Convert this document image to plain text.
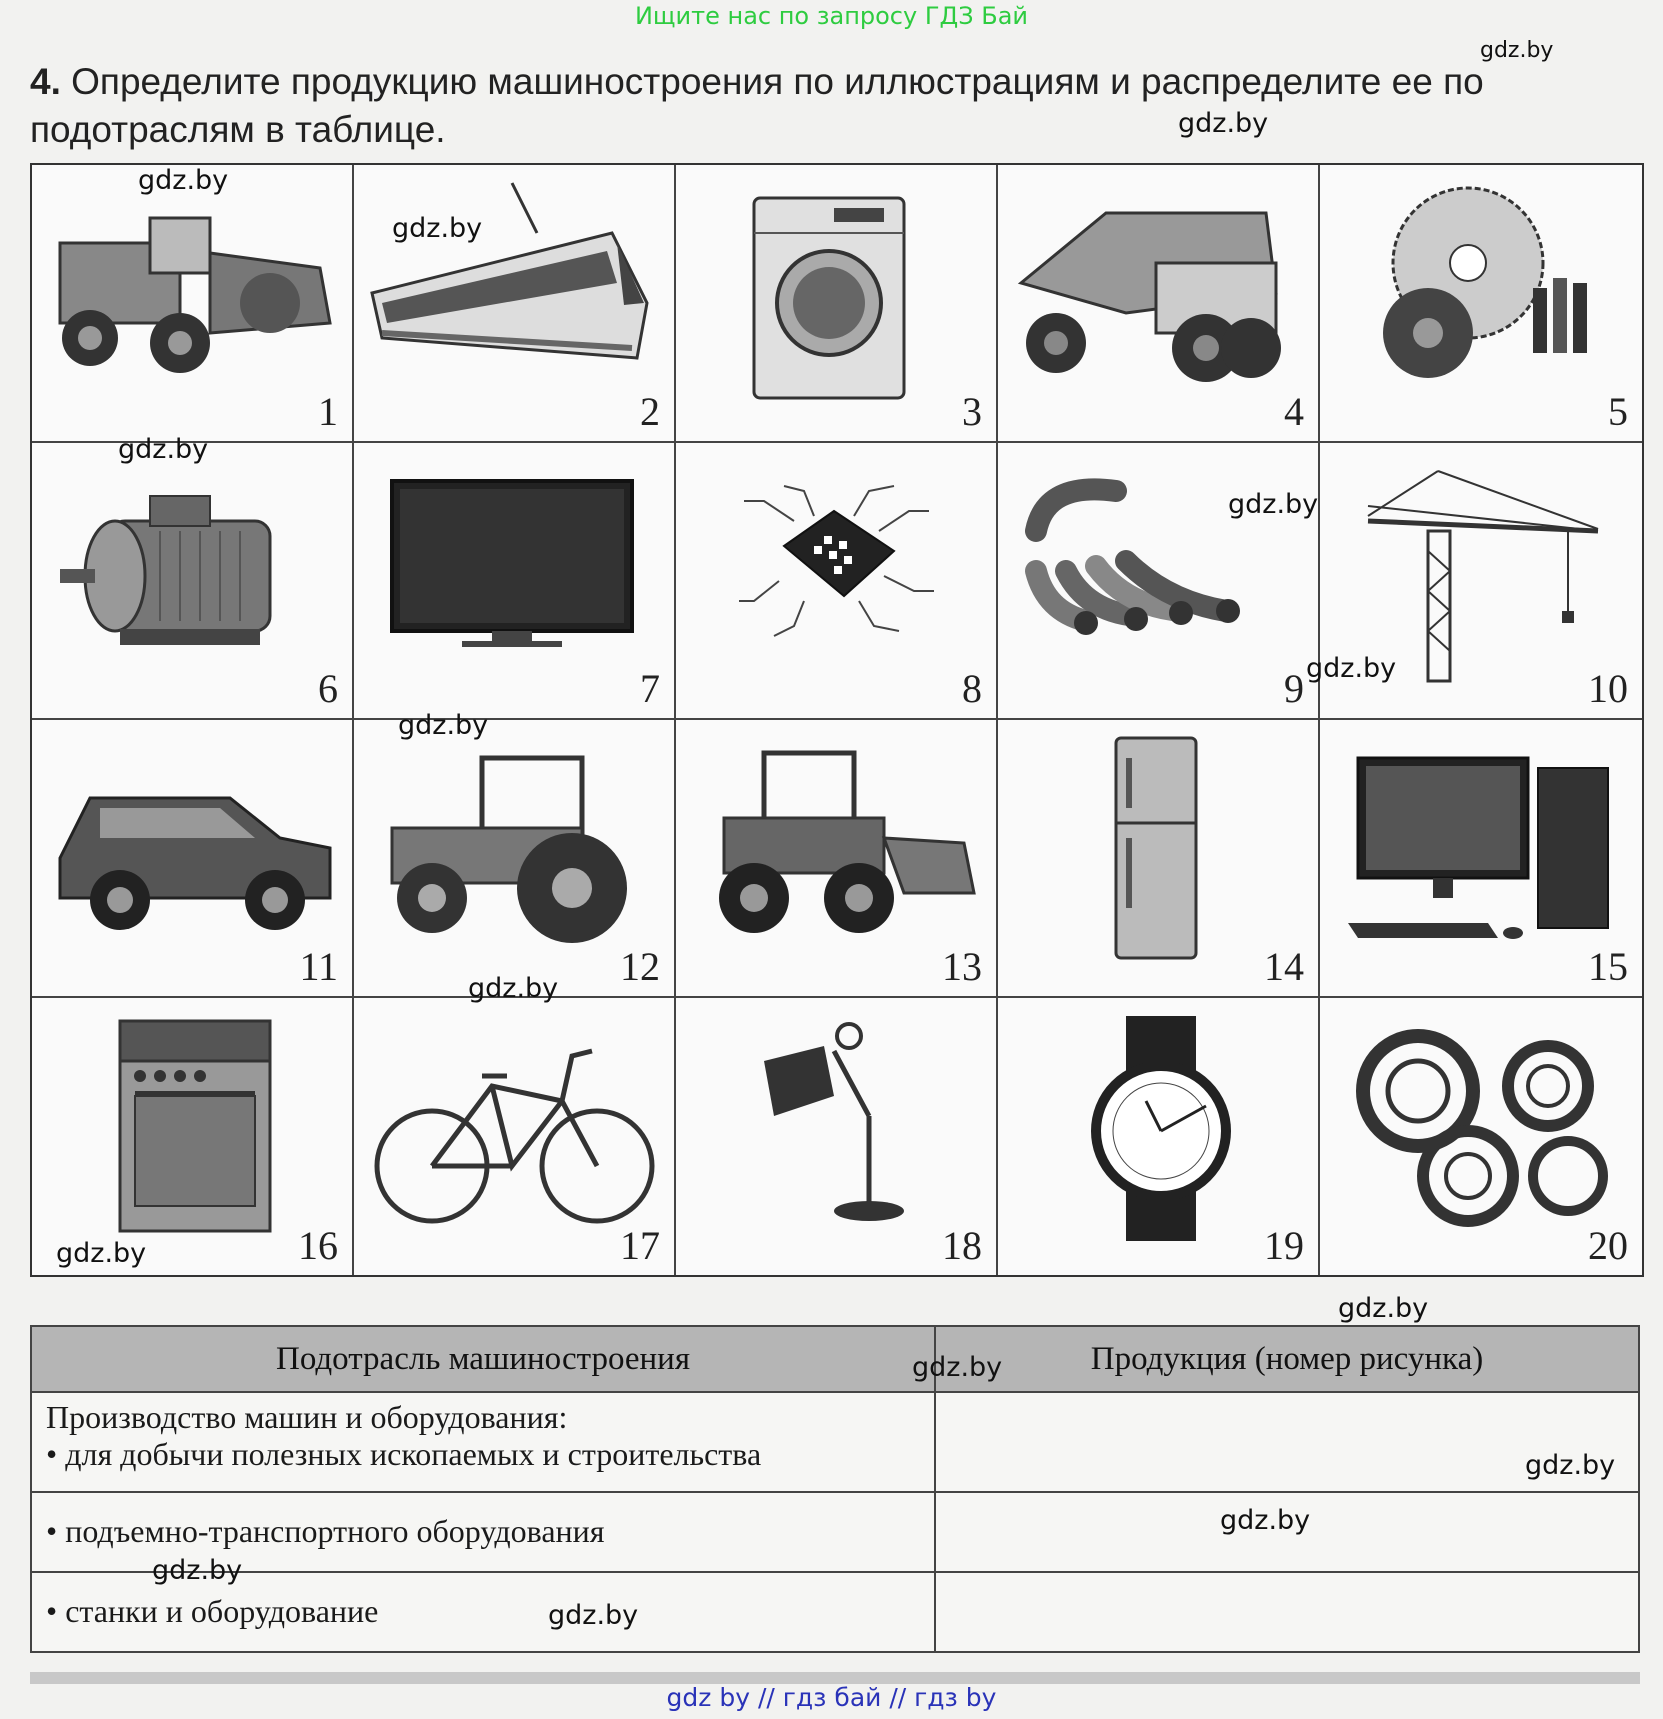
Ищите нас по запросу ГДЗ Бай
4. Определите продукцию машиностроения по иллюстрациям и распределите ее по подотраслям в таблице.
1	2	3	4	5
6	7	8	9	10
11	12	13	14	15
16	17	18	19	20
Подотрасль машиностроения	Продукция (номер рисунка)

Производство машин и оборудования:
• для добычи полезных ископаемых и строительства	

• подъемно-транспортного оборудования	

• станки и оборудование	

gdz.by
gdz.by
gdz.by
gdz.by
gdz.by
gdz.by
gdz.by
gdz.by
gdz.by
gdz.by
gdz.by
gdz.by
gdz.by
gdz.by
gdz.by
gdz.by
gdz by // гдз бай // гдз by
